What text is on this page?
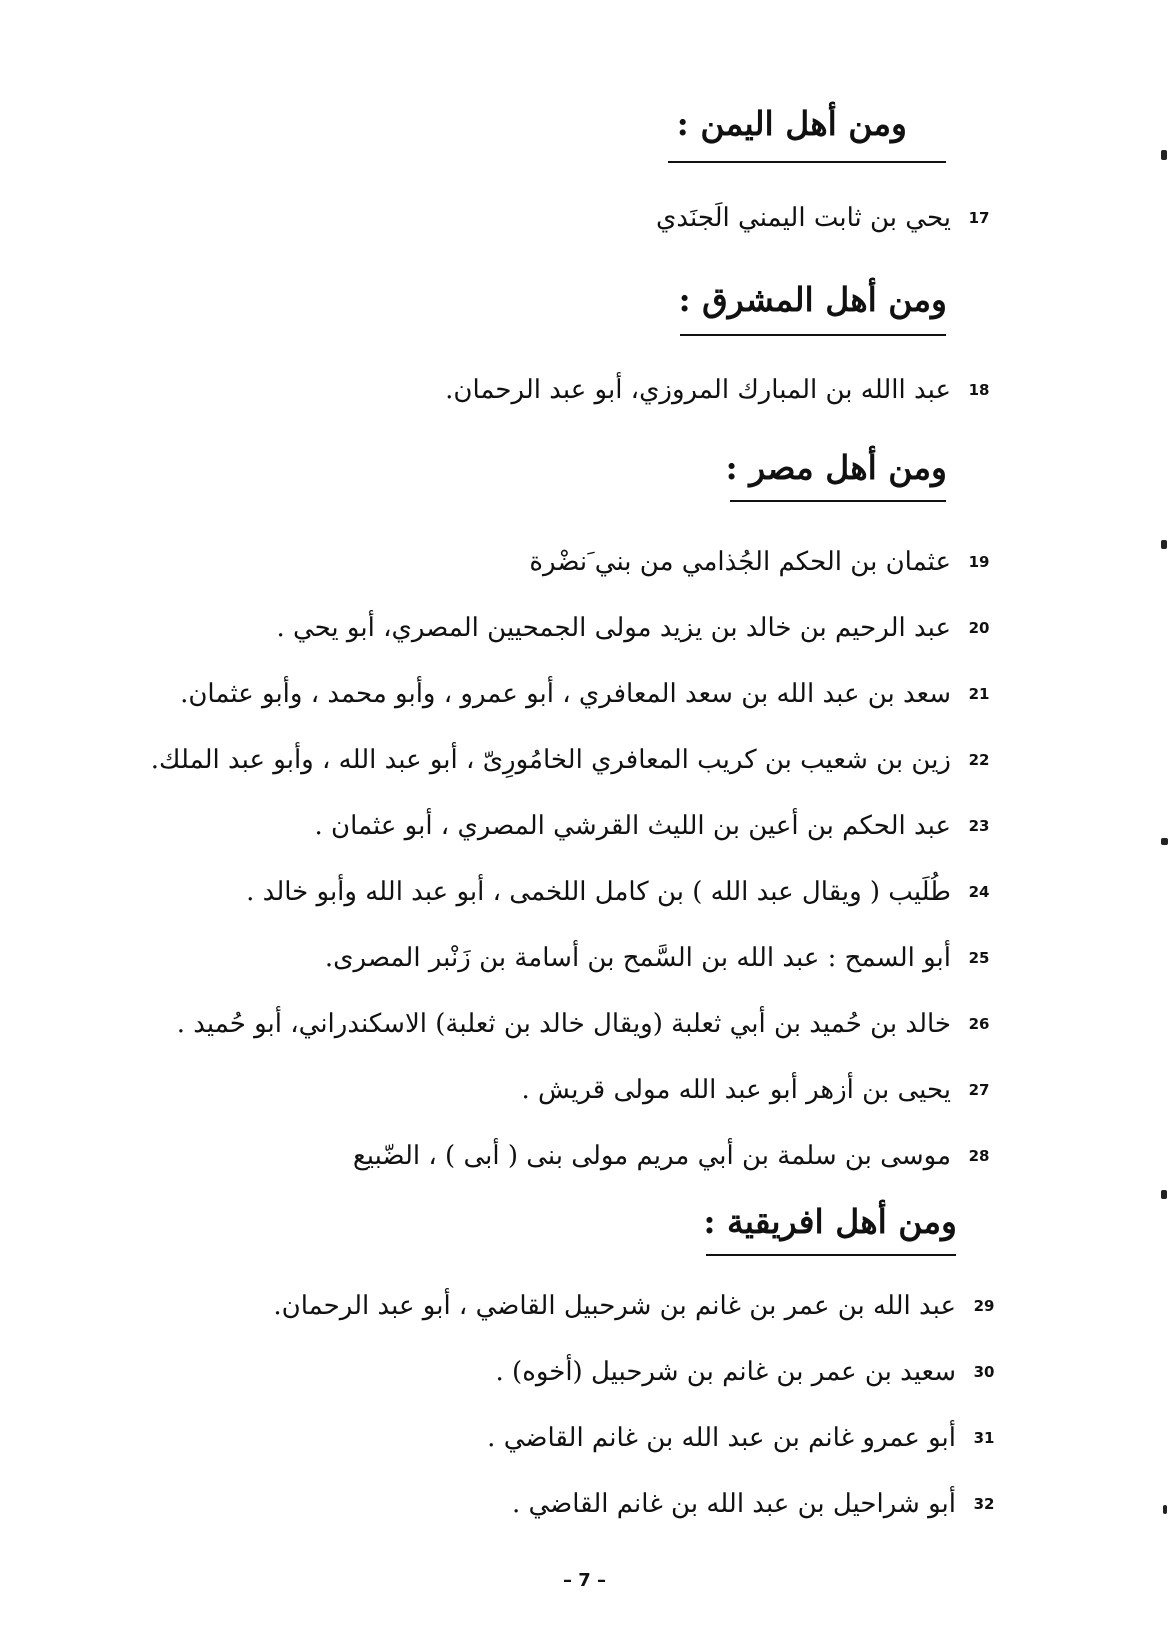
ومن أهل اليمن :
17
يحي بن ثابت اليمني الَجنَدي
ومن أهل المشرق :
18
عبد االله بن المبارك المروزي، أبو عبد الرحمان.
ومن أهل مصر :
19
عثمان بن الحكم الجُذامي من بني َنضْرة
20
عبد الرحيم بن خالد بن يزيد مولى الجمحيين المصري، أبو يحي .
21
سعد بن عبد الله بن سعد المعافري ، أبو عمرو ، وأبو محمد ، وأبو عثمان.
22
زين بن شعيب بن كريب المعافري الخامُورِىّ ، أبو عبد الله ، وأبو عبد الملك.
23
عبد الحكم بن أعين بن الليث القرشي المصري ، أبو عثمان .
24
طُلَيب ( ويقال عبد الله ) بن كامل اللخمى ، أبو عبد الله وأبو خالد .
25
أبو السمح : عبد الله بن السَّمح بن أسامة بن زَنْبر المصرى.
26
خالد بن حُميد بن أبي ثعلبة (ويقال خالد بن ثعلبة) الاسكندراني، أبو حُميد .
27
يحيى بن أزهر أبو عبد الله مولى قريش .
28
موسى بن سلمة بن أبي مريم مولى بنى ( أبى ) ، الضّبيع
ومن أهل افريقية :
29
عبد الله بن عمر بن غانم بن شرحبيل القاضي ، أبو عبد الرحمان.
30
سعيد بن عمر بن غانم بن شرحبيل (أخوه) .
31
أبو عمرو غانم بن عبد الله بن غانم القاضي .
32
أبو شراحيل بن عبد الله بن غانم القاضي .
– 7 –
